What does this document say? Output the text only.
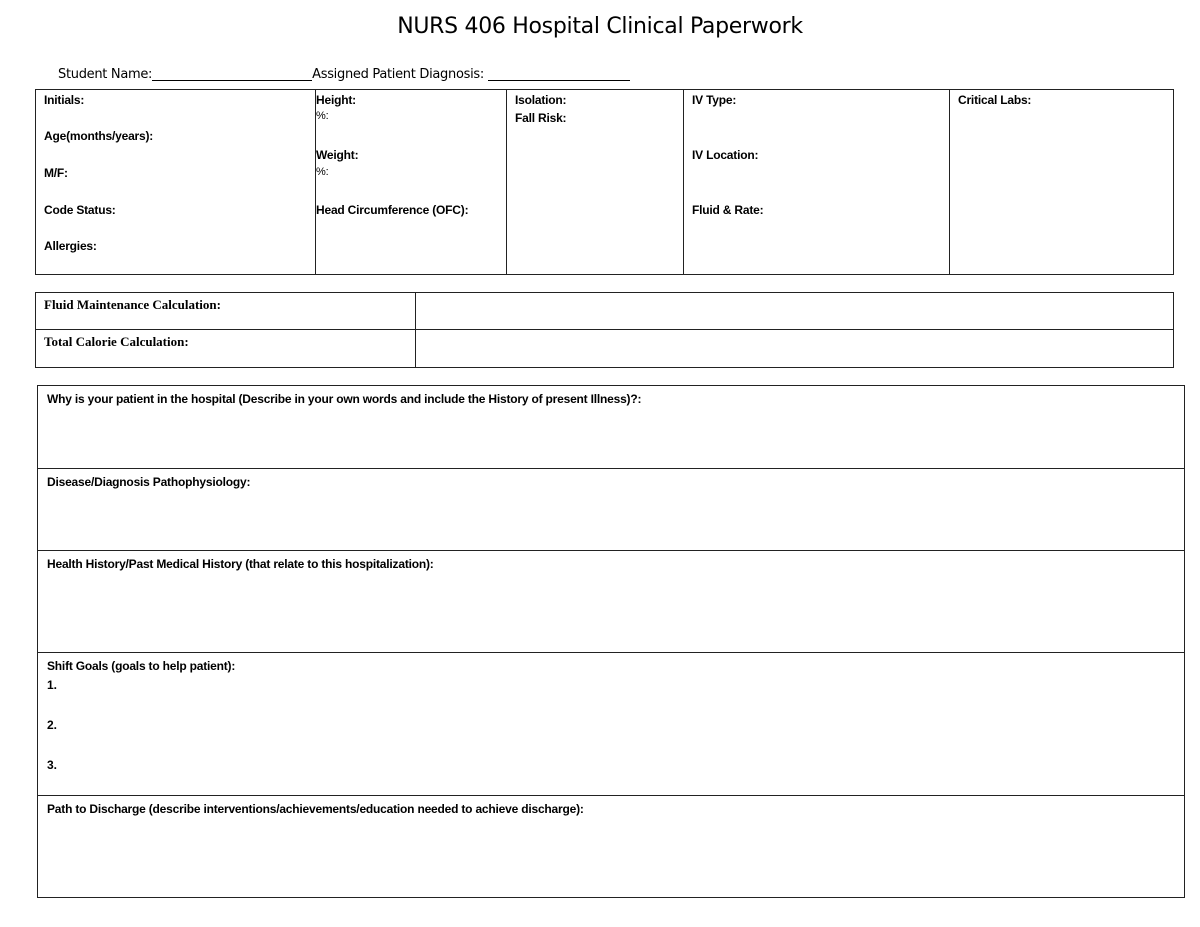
NURS 406 Hospital Clinical Paperwork
Student Name:	Assigned Patient Diagnosis:
Initials:
Age(months/years):
M/F:
Code Status:
Allergies:
Height:
%:
Weight:
%:
Head Circumference (OFC):
Isolation:
Fall Risk:
IV Type:
IV Location:
Fluid & Rate:
Critical Labs:
Fluid Maintenance Calculation:
Total Calorie Calculation:
Why is your patient in the hospital (Describe in your own words and include the History of present Illness)?:
Disease/Diagnosis Pathophysiology:
Health History/Past Medical History (that relate to this hospitalization):
Shift Goals (goals to help patient):
1.
2.
3.
Path to Discharge (describe interventions/achievements/education needed to achieve discharge):
